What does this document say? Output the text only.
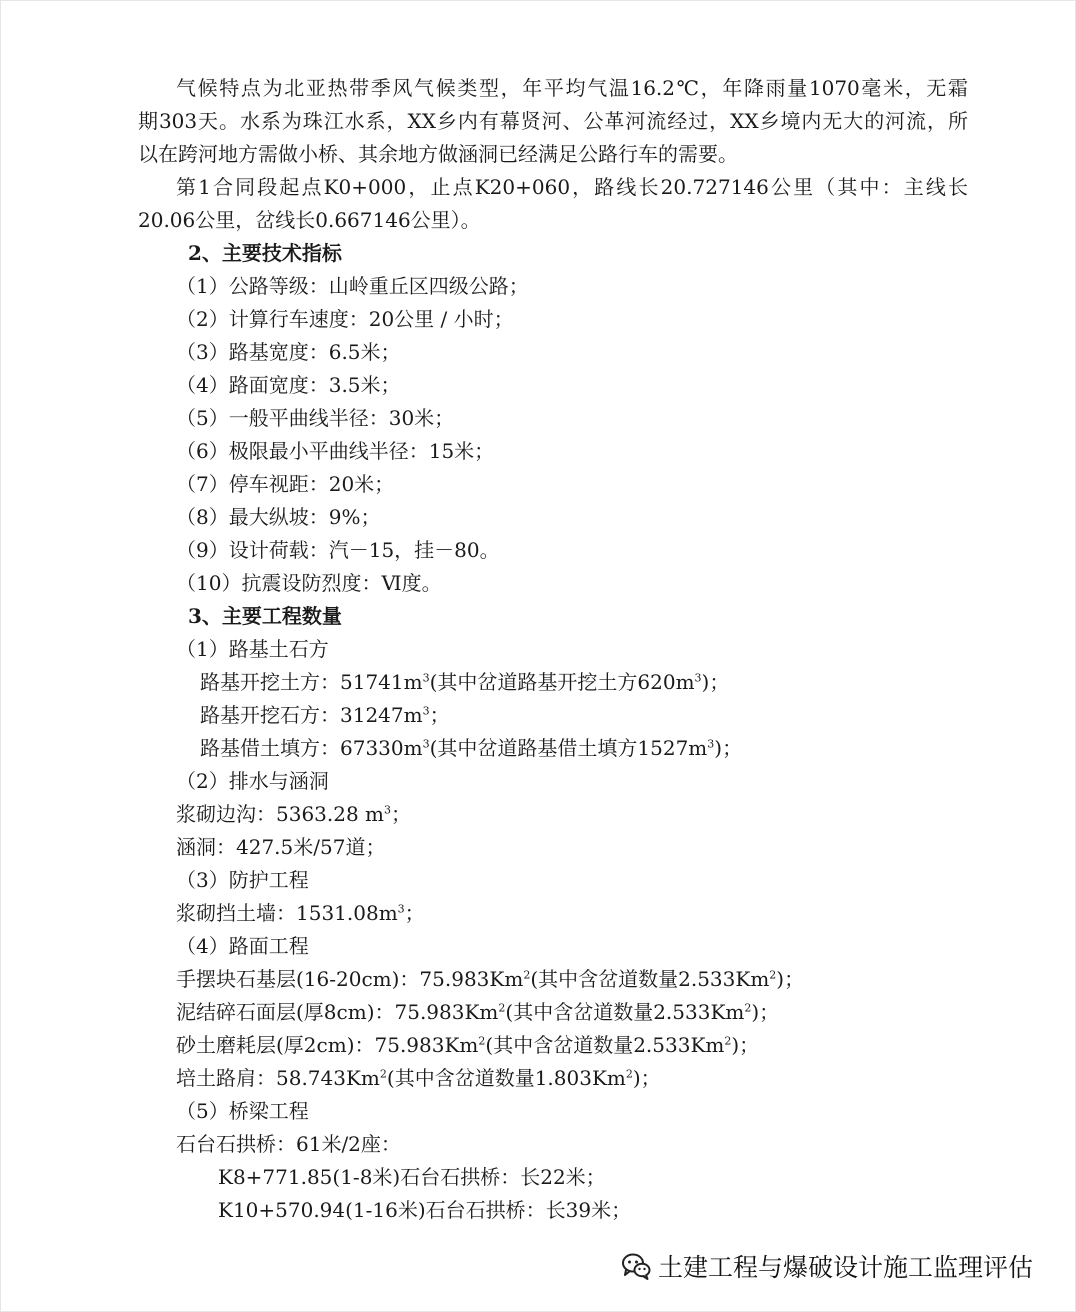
气候特点为北亚热带季风气候类型，年平均气温16.2℃，年降雨量1070毫米，无霜
期303天。水系为珠江水系，XX乡内有幕贤河、公革河流经过，XX乡境内无大的河流，所
以在跨河地方需做小桥、其余地方做涵洞已经满足公路行车的需要。
第1合同段起点K0+000，止点K20+060，路线长20.727146公里（其中：主线长
20.06公里，岔线长0.667146公里）。
2、主要技术指标
（1）公路等级：山岭重丘区四级公路；
（2）计算行车速度：20公里 / 小时；
（3）路基宽度：6.5米；
（4）路面宽度：3.5米；
（5）一般平曲线半径：30米；
（6）极限最小平曲线半径：15米；
（7）停车视距：20米；
（8）最大纵坡：9%；
（9）设计荷载：汽－15，挂－80。
（10）抗震设防烈度：Ⅵ度。
3、主要工程数量
（1）路基土石方
路基开挖土方：$51741m^3$(其中岔道路基开挖土方$620m^3$)；
路基开挖石方：$31247m^3$；
路基借土填方：$67330m^3$(其中岔道路基借土填方$1527m^3$)；
（2）排水与涵洞
浆砌边沟：5363.28 $m^3$；
涵洞：427.5米/57道；
（3）防护工程
浆砌挡土墙：$1531.08m^3$；
（4）路面工程
手摆块石基层(16-20cm)：75.983Km$^2$(其中含岔道数量2.533Km$^2$)；
泥结碎石面层(厚8cm)：75.983Km$^2$(其中含岔道数量2.533Km$^2$)；
砂土磨耗层(厚2cm)：75.983Km$^2$(其中含岔道数量2.533Km$^2$)；
培土路肩：58.743Km$^2$(其中含岔道数量1.803Km$^2$)；
（5）桥梁工程
石台石拱桥：61米/2座：
K8+771.85(1-8米)石台石拱桥：长22米；
K10+570.94(1-16米)石台石拱桥：长39米；
土建工程与爆破设计施工监理评估
